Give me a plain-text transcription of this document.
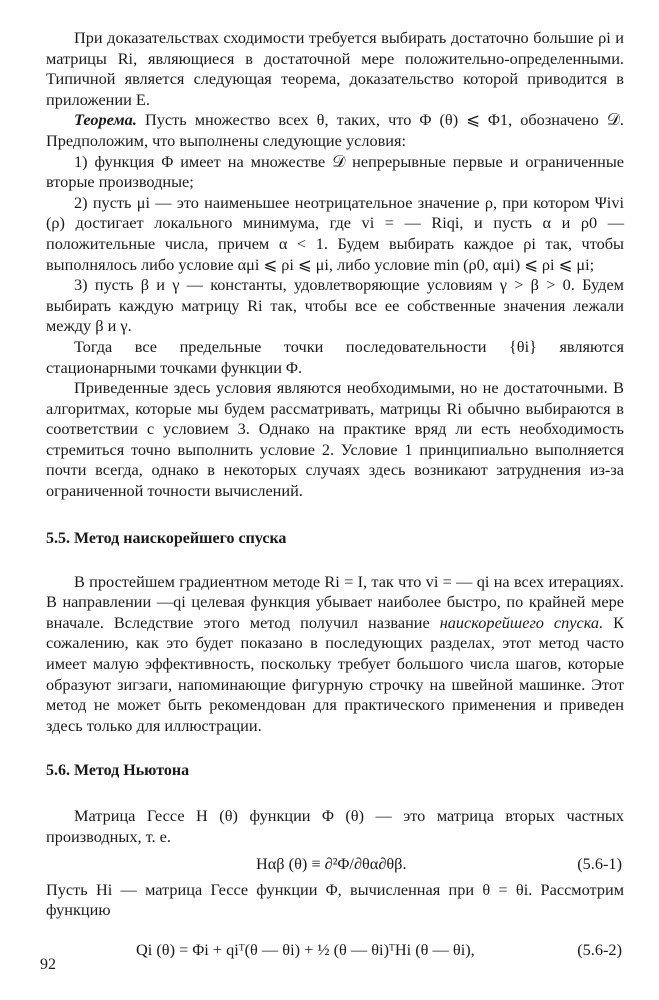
При доказательствах сходимости требуется выбирать достаточно большие ρi и матрицы Ri, являющиеся в достаточной мере положительно-определенными. Типичной является следующая теорема, доказательство которой приводится в приложении Е.

Теорема. Пусть множество всех θ, таких, что Φ (θ) ⩽ Φ1, обозначено 𝒟. Предположим, что выполнены следующие условия:

1) функция Φ имеет на множестве 𝒟 непрерывные первые и ограниченные вторые производные;

2) пусть μi — это наименьшее неотрицательное значение ρ, при котором Ψivi (ρ) достигает локального минимума, где vi = — Riqi, и пусть α и ρ0 — положительные числа, причем α < 1. Будем выбирать каждое ρi так, чтобы выполнялось либо условие αμi ⩽ ρi ⩽ μi, либо условие min (ρ0, αμi) ⩽ ρi ⩽ μi;

3) пусть β и γ — константы, удовлетворяющие условиям γ > β > 0. Будем выбирать каждую матрицу Ri так, чтобы все ее собственные значения лежали между β и γ.

Тогда все предельные точки последовательности {θi} являются стационарными точками функции Φ.

Приведенные здесь условия являются необходимыми, но не достаточными. В алгоритмах, которые мы будем рассматривать, матрицы Ri обычно выбираются в соответствии с условием 3. Однако на практике вряд ли есть необходимость стремиться точно выполнить условие 2. Условие 1 принципиально выполняется почти всегда, однако в некоторых случаях здесь возникают затруднения из-за ограниченной точности вычислений.

5.5. Метод наискорейшего спуска

В простейшем градиентном методе Ri = I, так что vi = — qi на всех итерациях. В направлении —qi целевая функция убывает наиболее быстро, по крайней мере вначале. Вследствие этого метод получил название наискорейшего спуска. К сожалению, как это будет показано в последующих разделах, этот метод часто имеет малую эффективность, поскольку требует большого числа шагов, которые образуют зигзаги, напоминающие фигурную строчку на швейной машинке. Этот метод не может быть рекомендован для практического применения и приведен здесь только для иллюстрации.

5.6. Метод Ньютона

Матрица Гессе H (θ) функции Φ (θ) — это матрица вторых частных производных, т. е.

Hαβ (θ) ≡ ∂²Φ/∂θα∂θβ.	(5.6-1)

Пусть Hi — матрица Гессе функции Φ, вычисленная при θ = θi. Рассмотрим функцию

Qi (θ) = Φi + qiᵀ(θ — θi) + ½ (θ — θi)ᵀHi (θ — θi),	(5.6-2)
92
